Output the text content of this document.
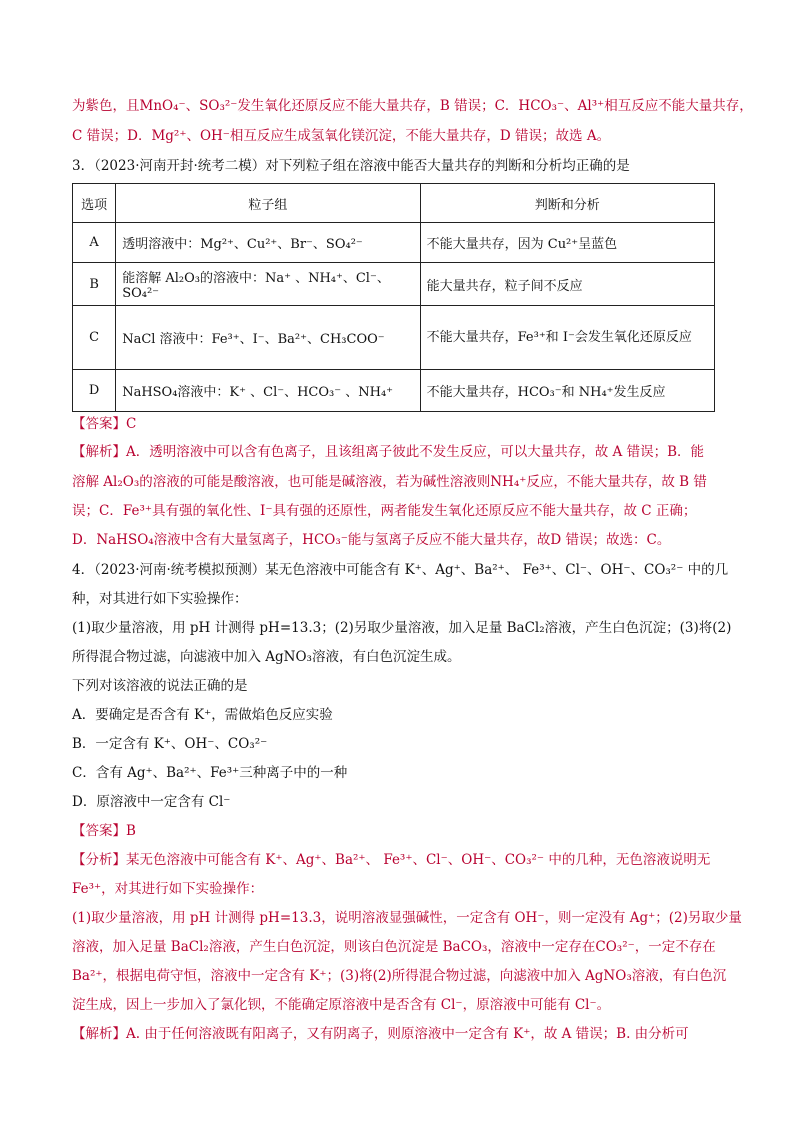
为紫色，且MnO₄⁻、SO₃²⁻发生氧化还原反应不能大量共存，B 错误；C．HCO₃⁻、Al³⁺相互反应不能大量共存，
C 错误；D．Mg²⁺、OH⁻相互反应生成氢氧化镁沉淀，不能大量共存，D 错误；故选 A。
3．（2023·河南开封·统考二模）对下列粒子组在溶液中能否大量共存的判断和分析均正确的是
选项	粒子组	判断和分析
A	透明溶液中：Mg²⁺、Cu²⁺、Br⁻、SO₄²⁻	不能大量共存，因为 Cu²⁺呈蓝色
B	能溶解 Al₂O₃的溶液中：Na⁺ 、NH₄⁺、Cl⁻、SO₄²⁻	能大量共存，粒子间不反应
C	NaCl 溶液中：Fe³⁺、I⁻、Ba²⁺、CH₃COO⁻	不能大量共存，Fe³⁺和 I⁻会发生氧化还原反应
D	NaHSO₄溶液中：K⁺ 、Cl⁻、HCO₃⁻ 、NH₄⁺	不能大量共存，HCO₃⁻和 NH₄⁺发生反应
【答案】C
【解析】A．透明溶液中可以含有色离子，且该组离子彼此不发生反应，可以大量共存，故 A 错误；B．能
溶解 Al₂O₃的溶液的可能是酸溶液，也可能是碱溶液，若为碱性溶液则NH₄⁺反应，不能大量共存，故 B 错
误；C．Fe³⁺具有强的氧化性、I⁻具有强的还原性，两者能发生氧化还原反应不能大量共存，故 C 正确；
D．NaHSO₄溶液中含有大量氢离子，HCO₃⁻能与氢离子反应不能大量共存，故D 错误；故选：C。
4．（2023·河南·统考模拟预测）某无色溶液中可能含有 K⁺、Ag⁺、Ba²⁺、 Fe³⁺、Cl⁻、OH⁻、CO₃²⁻ 中的几
种，对其进行如下实验操作：
(1)取少量溶液，用 pH 计测得 pH=13.3；(2)另取少量溶液，加入足量 BaCl₂溶液，产生白色沉淀；(3)将(2)
所得混合物过滤，向滤液中加入 AgNO₃溶液，有白色沉淀生成。
下列对该溶液的说法正确的是
A．要确定是否含有 K⁺，需做焰色反应实验
B．一定含有 K⁺、OH⁻、CO₃²⁻
C．含有 Ag⁺、Ba²⁺、Fe³⁺三种离子中的一种
D．原溶液中一定含有 Cl⁻
【答案】B
【分析】某无色溶液中可能含有 K⁺、Ag⁺、Ba²⁺、 Fe³⁺、Cl⁻、OH⁻、CO₃²⁻ 中的几种，无色溶液说明无
Fe³⁺，对其进行如下实验操作：
(1)取少量溶液，用 pH 计测得 pH=13.3，说明溶液显强碱性，一定含有 OH⁻，则一定没有 Ag⁺；(2)另取少量
溶液，加入足量 BaCl₂溶液，产生白色沉淀，则该白色沉淀是 BaCO₃，溶液中一定存在CO₃²⁻，一定不存在
Ba²⁺，根据电荷守恒，溶液中一定含有 K⁺；(3)将(2)所得混合物过滤，向滤液中加入 AgNO₃溶液，有白色沉
淀生成，因上一步加入了氯化钡，不能确定原溶液中是否含有 Cl⁻，原溶液中可能有 Cl⁻。
【解析】A. 由于任何溶液既有阳离子，又有阴离子，则原溶液中一定含有 K⁺，故 A 错误；B. 由分析可
